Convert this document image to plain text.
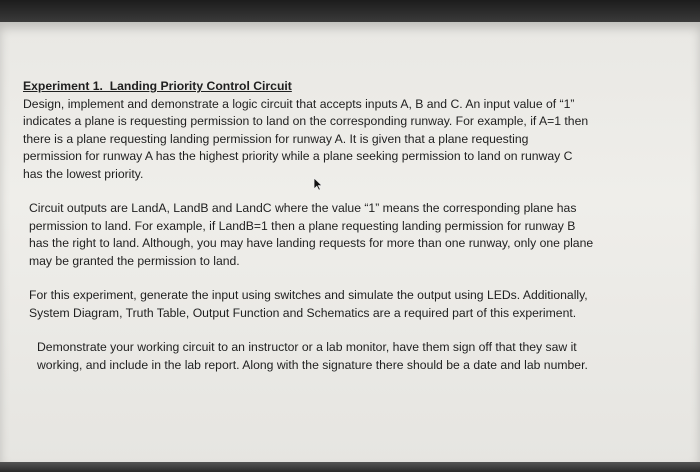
Experiment 1.  Landing Priority Control Circuit
Design, implement and demonstrate a logic circuit that accepts inputs A, B and C. An input value of “1”
indicates a plane is requesting permission to land on the corresponding runway. For example, if A=1 then
there is a plane requesting landing permission for runway A. It is given that a plane requesting
permission for runway A has the highest priority while a plane seeking permission to land on runway C
has the lowest priority.
Circuit outputs are LandA, LandB and LandC where the value “1” means the corresponding plane has
permission to land. For example, if LandB=1 then a plane requesting landing permission for runway B
has the right to land. Although, you may have landing requests for more than one runway, only one plane
may be granted the permission to land.
For this experiment, generate the input using switches and simulate the output using LEDs. Additionally,
System Diagram, Truth Table, Output Function and Schematics are a required part of this experiment.
Demonstrate your working circuit to an instructor or a lab monitor, have them sign off that they saw it
working, and include in the lab report. Along with the signature there should be a date and lab number.
